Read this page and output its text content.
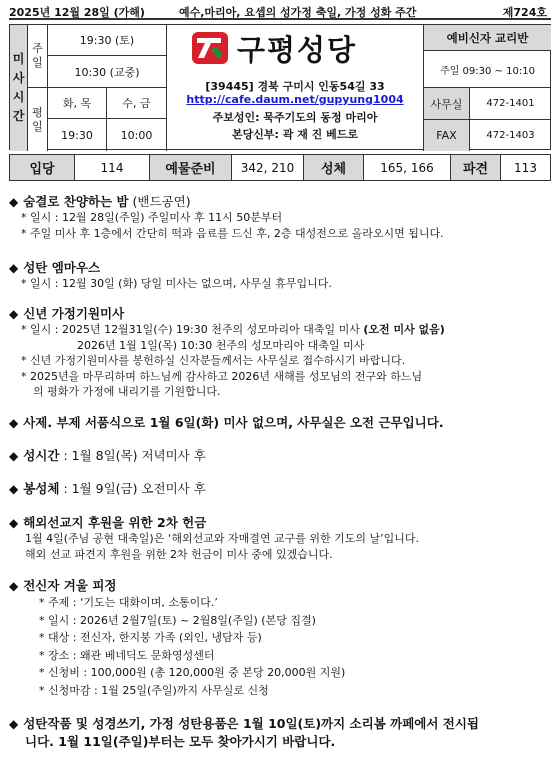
2025년 12월 28일 (가해)	예수,마리아, 요셉의 성가정 축일, 가정 성화 주간	제724호
미
사
시
간
주
일
19:30 (토)
10:30 (교중)
평
일
화, 목	수, 금
19:30	10:00
구평성당
[39445] 경북 구미시 인동54길 33
http://cafe.daum.net/gupyung1004
주보성인: 묵주기도의 동정 마리아
본당신부: 곽 재 진 베드로
예비신자 교리반
주일 09:30 ~ 10:10
사무실	472-1401
FAX	472-1403
입당	114	예물준비	342, 210	성체	165, 166	파견	113
◆ 숨결로 찬양하는 밤 (밴드공연)
* 일시 : 12월 28일(주일) 주일미사 후 11시 50분부터
* 주일 미사 후 1층에서 간단히 떡과 음료를 드신 후, 2층 대성전으로 올라오시면 됩니다.
◆ 성탄 엠마우스
* 일시 : 12월 30일 (화) 당일 미사는 없으며, 사무실 휴무입니다.
◆ 신년 가정기원미사
* 일시 : 2025년 12월31일(수) 19:30 천주의 성모마리아 대축일 미사 (오전 미사 없음)
2026년 1월 1일(목) 10:30 천주의 성모마리아 대축일 미사
* 신년 가정기원미사를 봉헌하실 신자분들께서는 사무실로 접수하시기 바랍니다.
* 2025년을 마무리하며 하느님께 감사하고 2026년 새해를 성모님의 전구와 하느님
의 평화가 가정에 내리기를 기원합니다.
◆ 사제. 부제 서품식으로 1월 6일(화) 미사 없으며, 사무실은 오전 근무입니다.
◆ 성시간 : 1월 8일(목) 저녁미사 후
◆ 봉성체 : 1월 9일(금) 오전미사 후
◆ 해외선교지 후원을 위한 2차 헌금
1월 4일(주님 공현 대축일)은 ‘해외선교와 자매결연 교구를 위한 기도의 날’입니다.
해외 선교 파견지 후원을 위한 2차 헌금이 미사 중에 있겠습니다.
◆ 전신자 겨울 피정
* 주제 : ‘기도는 대화이며, 소통이다.’
* 일시 : 2026년 2월7일(토) ~ 2월8일(주일) (본당 집결)
* 대상 : 전신자, 한지붕 가족 (외인, 냉담자 등)
* 장소 : 왜관 베네딕도 문화영성센터
* 신청비 : 100,000원 (총 120,000원 중 본당 20,000원 지원)
* 신청마감 : 1월 25일(주일)까지 사무실로 신청
◆ 성탄작품 및 성경쓰기, 가정 성탄용품은 1월 10일(토)까지 소리봄 까페에서 전시됩
니다. 1월 11일(주일)부터는 모두 찾아가시기 바랍니다.
